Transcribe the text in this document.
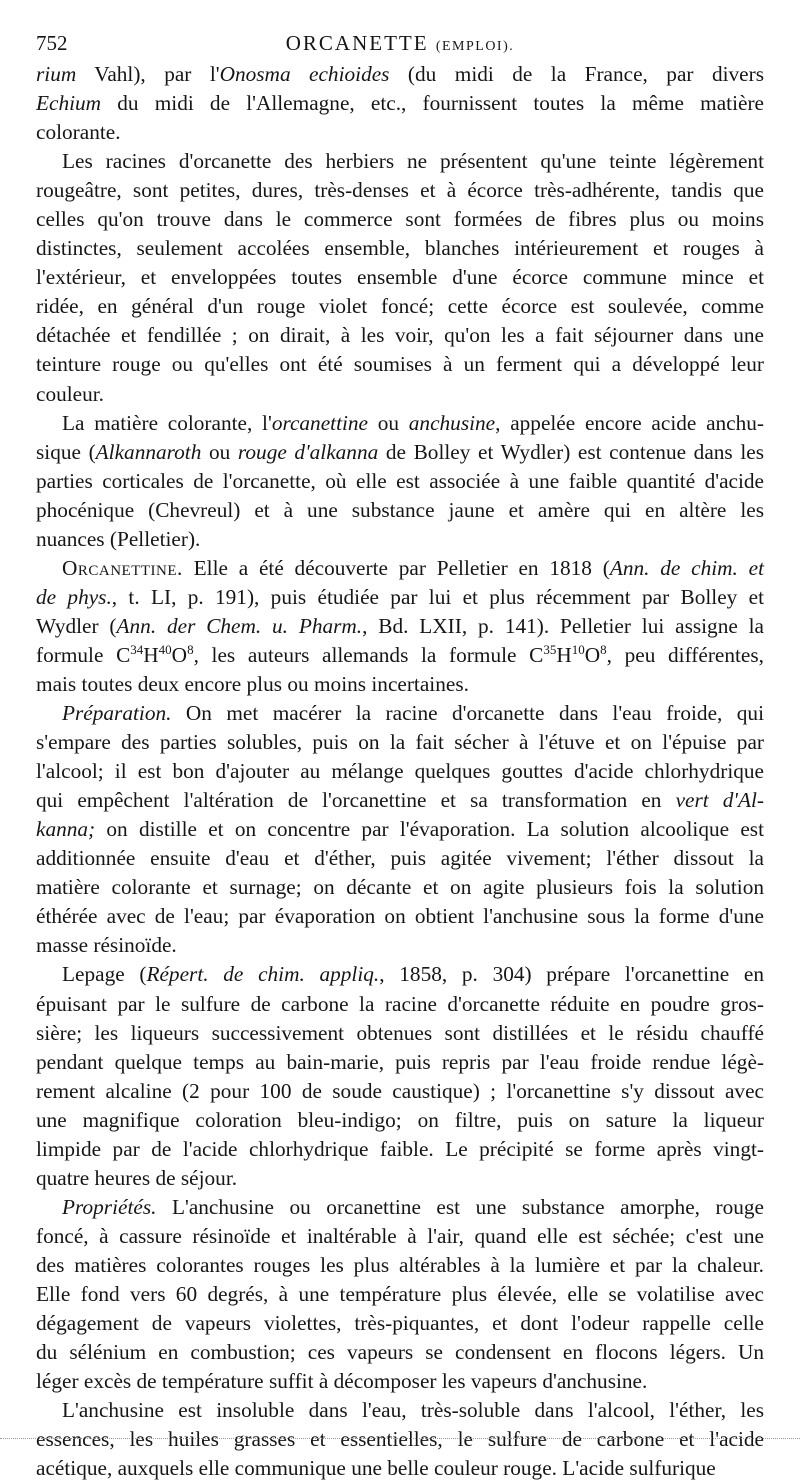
752	ORCANETTE (EMPLOI).
rium Vahl), par l'Onosma echioides (du midi de la France, par divers
Echium du midi de l'Allemagne, etc., fournissent toutes la même matière
colorante.
Les racines d'orcanette des herbiers ne présentent qu'une teinte légèrement
rougeâtre, sont petites, dures, très-denses et à écorce très-adhérente, tandis que
celles qu'on trouve dans le commerce sont formées de fibres plus ou moins
distinctes, seulement accolées ensemble, blanches intérieurement et rouges à
l'extérieur, et enveloppées toutes ensemble d'une écorce commune mince et
ridée, en général d'un rouge violet foncé; cette écorce est soulevée, comme
détachée et fendillée ; on dirait, à les voir, qu'on les a fait séjourner dans une
teinture rouge ou qu'elles ont été soumises à un ferment qui a développé leur
couleur.
La matière colorante, l'orcanettine ou anchusine, appelée encore acide anchu-
sique (Alkannaroth ou rouge d'alkanna de Bolley et Wydler) est contenue dans les
parties corticales de l'orcanette, où elle est associée à une faible quantité d'acide
phocénique (Chevreul) et à une substance jaune et amère qui en altère les
nuances (Pelletier).
Orcanettine. Elle a été découverte par Pelletier en 1818 (Ann. de chim. et
de phys., t. LI, p. 191), puis étudiée par lui et plus récemment par Bolley et
Wydler (Ann. der Chem. u. Pharm., Bd. LXII, p. 141). Pelletier lui assigne la
formule $C^{34}H^{40}O^8$, les auteurs allemands la formule $C^{35}H^{10}O^8$, peu différentes,
mais toutes deux encore plus ou moins incertaines.
Préparation. On met macérer la racine d'orcanette dans l'eau froide, qui
s'empare des parties solubles, puis on la fait sécher à l'étuve et on l'épuise par
l'alcool; il est bon d'ajouter au mélange quelques gouttes d'acide chlorhydrique
qui empêchent l'altération de l'orcanettine et sa transformation en vert d'Al-
kanna; on distille et on concentre par l'évaporation. La solution alcoolique est
additionnée ensuite d'eau et d'éther, puis agitée vivement; l'éther dissout la
matière colorante et surnage; on décante et on agite plusieurs fois la solution
éthérée avec de l'eau; par évaporation on obtient l'anchusine sous la forme d'une
masse résinoïde.
Lepage (Répert. de chim. appliq., 1858, p. 304) prépare l'orcanettine en
épuisant par le sulfure de carbone la racine d'orcanette réduite en poudre gros-
sière; les liqueurs successivement obtenues sont distillées et le résidu chauffé
pendant quelque temps au bain-marie, puis repris par l'eau froide rendue légè-
rement alcaline (2 pour 100 de soude caustique) ; l'orcanettine s'y dissout avec
une magnifique coloration bleu-indigo; on filtre, puis on sature la liqueur
limpide par de l'acide chlorhydrique faible. Le précipité se forme après vingt-
quatre heures de séjour.
Propriétés. L'anchusine ou orcanettine est une substance amorphe, rouge
foncé, à cassure résinoïde et inaltérable à l'air, quand elle est séchée; c'est une
des matières colorantes rouges les plus altérables à la lumière et par la chaleur.
Elle fond vers 60 degrés, à une température plus élevée, elle se volatilise avec
dégagement de vapeurs violettes, très-piquantes, et dont l'odeur rappelle celle
du sélénium en combustion; ces vapeurs se condensent en flocons légers. Un
léger excès de température suffit à décomposer les vapeurs d'anchusine.
L'anchusine est insoluble dans l'eau, très-soluble dans l'alcool, l'éther, les
essences, les huiles grasses et essentielles, le sulfure de carbone et l'acide
acétique, auxquels elle communique une belle couleur rouge. L'acide sulfurique
